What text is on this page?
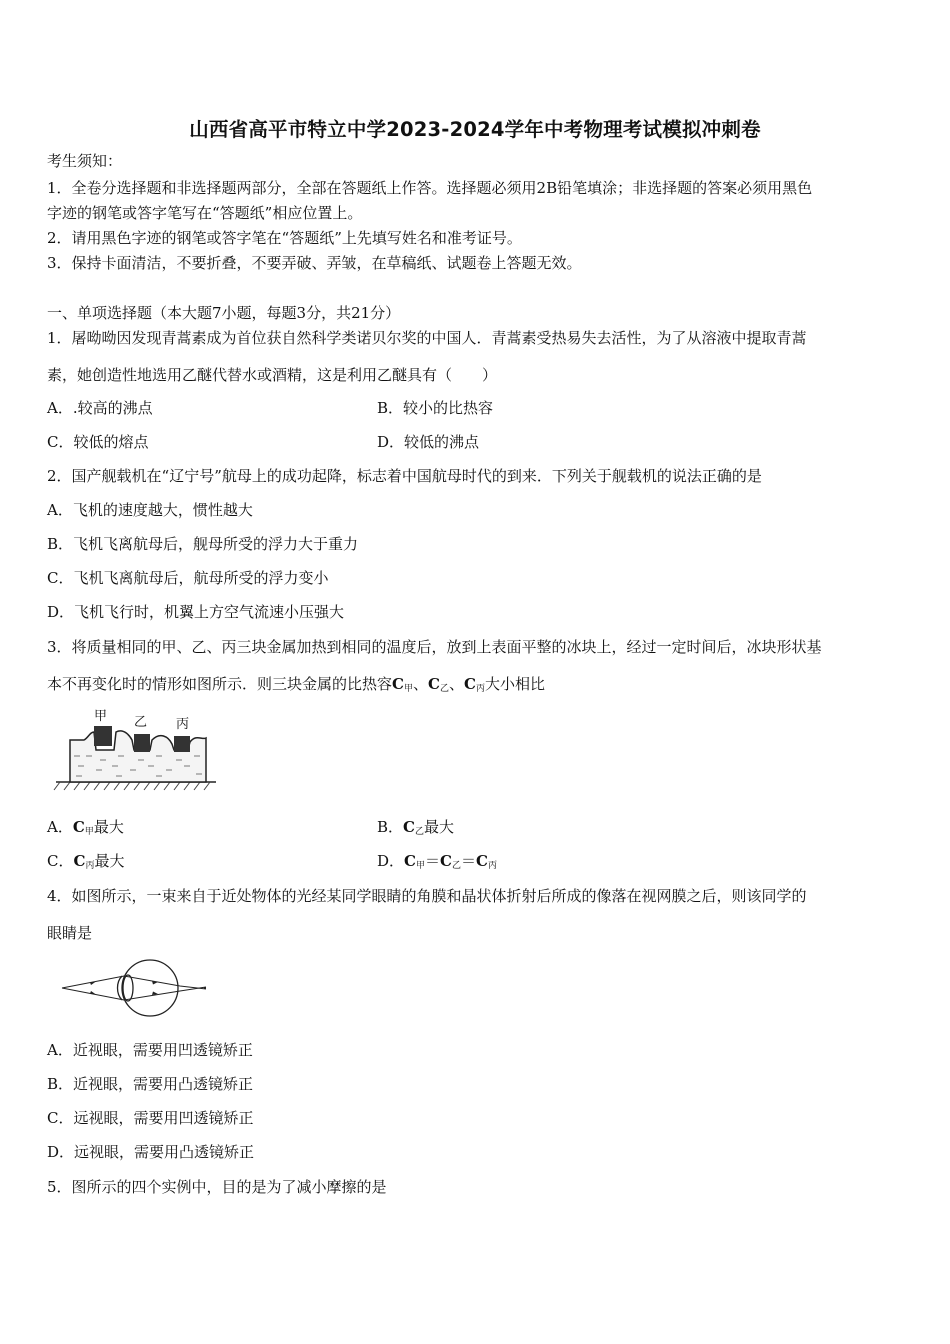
山西省高平市特立中学2023-2024学年中考物理考试模拟冲刺卷
考生须知：
1．全卷分选择题和非选择题两部分，全部在答题纸上作答。选择题必须用2B铅笔填涂；非选择题的答案必须用黑色
字迹的钢笔或答字笔写在“答题纸”相应位置上。
2．请用黑色字迹的钢笔或答字笔在“答题纸”上先填写姓名和准考证号。
3．保持卡面清洁，不要折叠，不要弄破、弄皱，在草稿纸、试题卷上答题无效。
一、单项选择题（本大题7小题，每题3分，共21分）
1．屠呦呦因发现青蒿素成为首位获自然科学类诺贝尔奖的中国人．青蒿素受热易失去活性，为了从溶液中提取青蒿
素，她创造性地选用乙醚代替水或酒精，这是利用乙醚具有（　　）
A．.较高的沸点	B．较小的比热容
C．较低的熔点	D．较低的沸点
2．国产舰载机在“辽宁号”航母上的成功起降，标志着中国航母时代的到来．下列关于舰载机的说法正确的是
A．飞机的速度越大，惯性越大
B．飞机飞离航母后，舰母所受的浮力大于重力
C．飞机飞离航母后，航母所受的浮力变小
D．飞机飞行时，机翼上方空气流速小压强大
3．将质量相同的甲、乙、丙三块金属加热到相同的温度后，放到上表面平整的冰块上，经过一定时间后，冰块形状基
本不再变化时的情形如图所示．则三块金属的比热容$C_甲$、$C_乙$、$C_丙$大小相比
甲 乙 丙
A．$C_甲$最大	B．$C_乙$最大
C．$C_丙$最大	D．$C_甲=C_乙=C_丙$
4．如图所示，一束来自于近处物体的光经某同学眼睛的角膜和晶状体折射后所成的像落在视网膜之后，则该同学的
眼睛是
A．近视眼，需要用凹透镜矫正
B．近视眼，需要用凸透镜矫正
C．远视眼，需要用凹透镜矫正
D．远视眼，需要用凸透镜矫正
5．图所示的四个实例中，目的是为了减小摩擦的是
